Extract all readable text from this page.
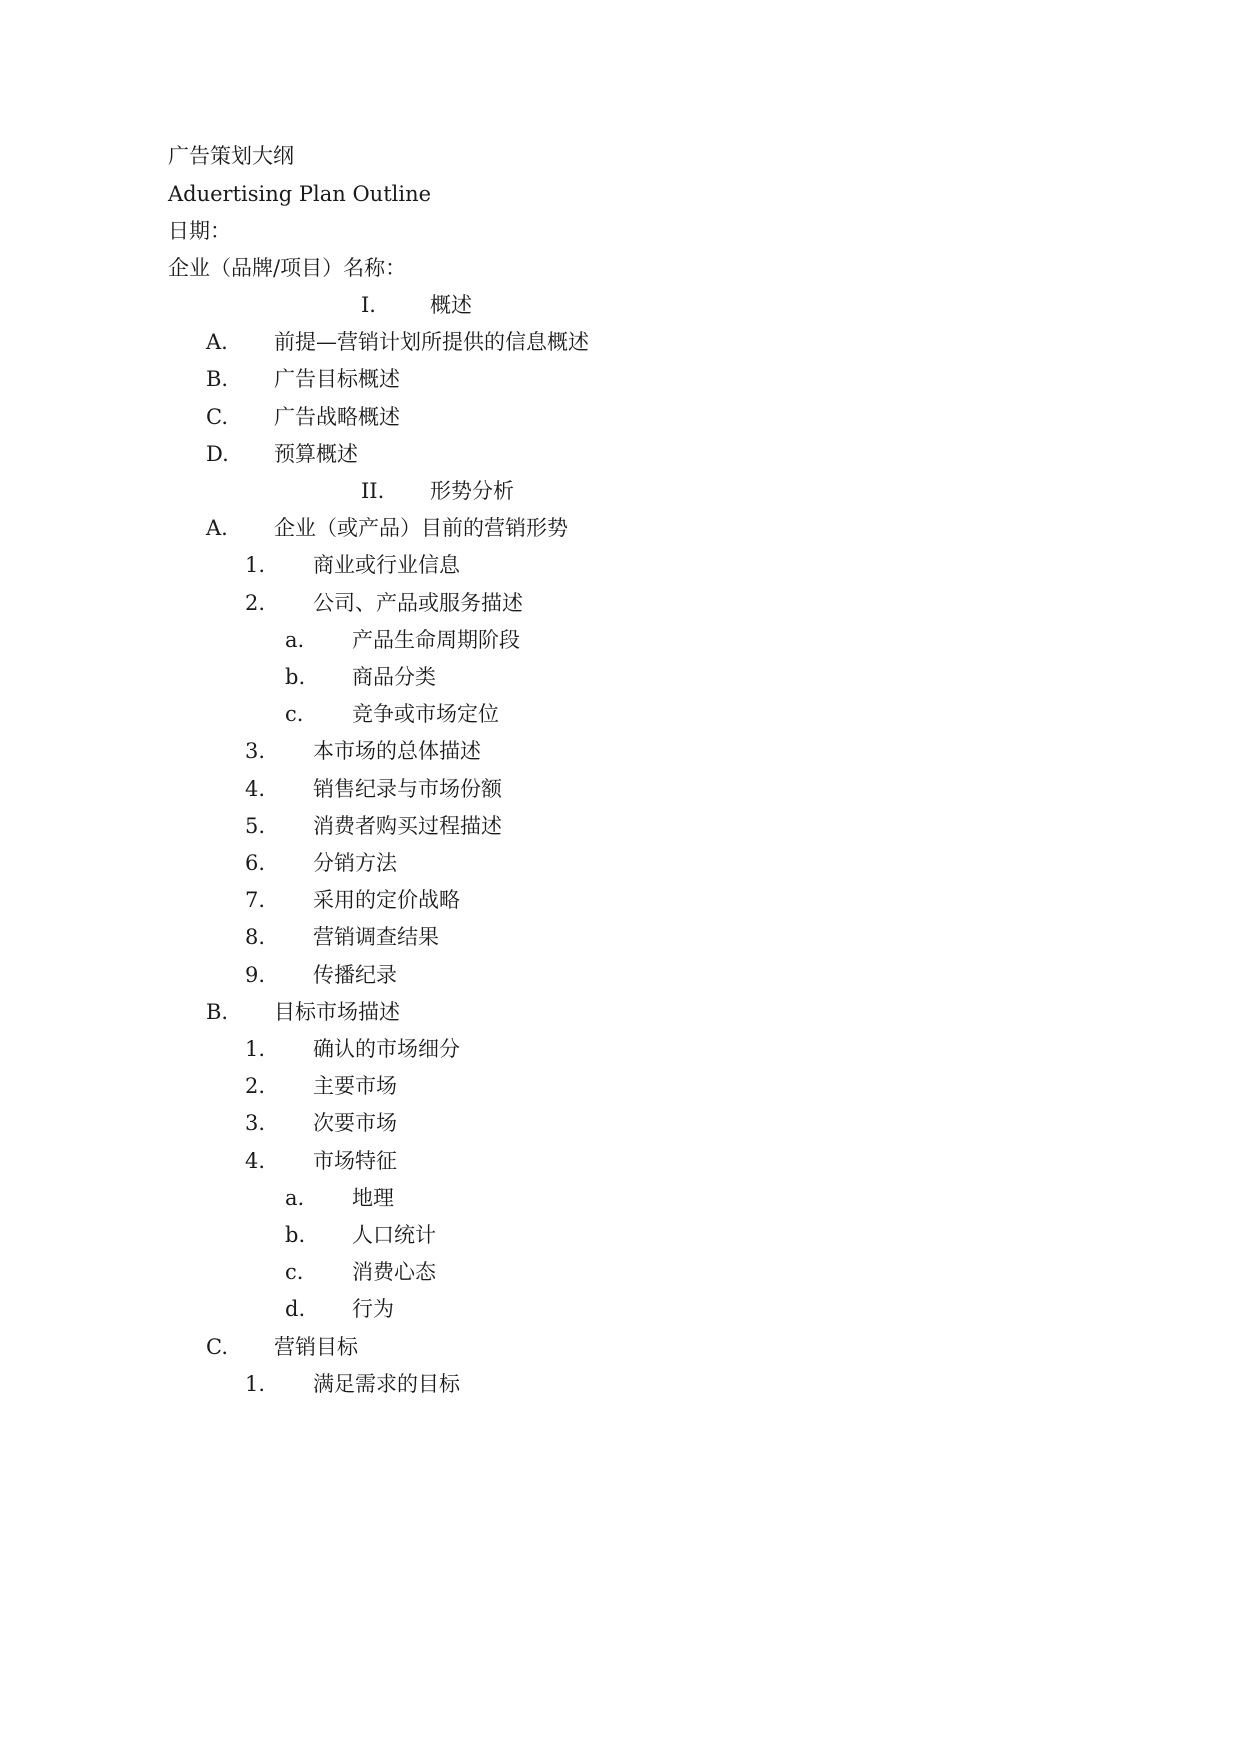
广告策划大纲
Aduertising Plan Outline
日期：
企业（品牌/项目）名称：
I.	概述
A. 前提—营销计划所提供的信息概述
B. 广告目标概述
C. 广告战略概述
D. 预算概述
II. 形势分析
A. 企业（或产品）目前的营销形势
1. 商业或行业信息
2. 公司、产品或服务描述
a. 产品生命周期阶段
b. 商品分类
c. 竞争或市场定位
3. 本市场的总体描述
4. 销售纪录与市场份额
5. 消费者购买过程描述
6. 分销方法
7. 采用的定价战略
8. 营销调查结果
9. 传播纪录
B. 目标市场描述
1. 确认的市场细分
2. 主要市场
3. 次要市场
4. 市场特征
a. 地理
b. 人口统计
c. 消费心态
d. 行为
C. 营销目标
1. 满足需求的目标
